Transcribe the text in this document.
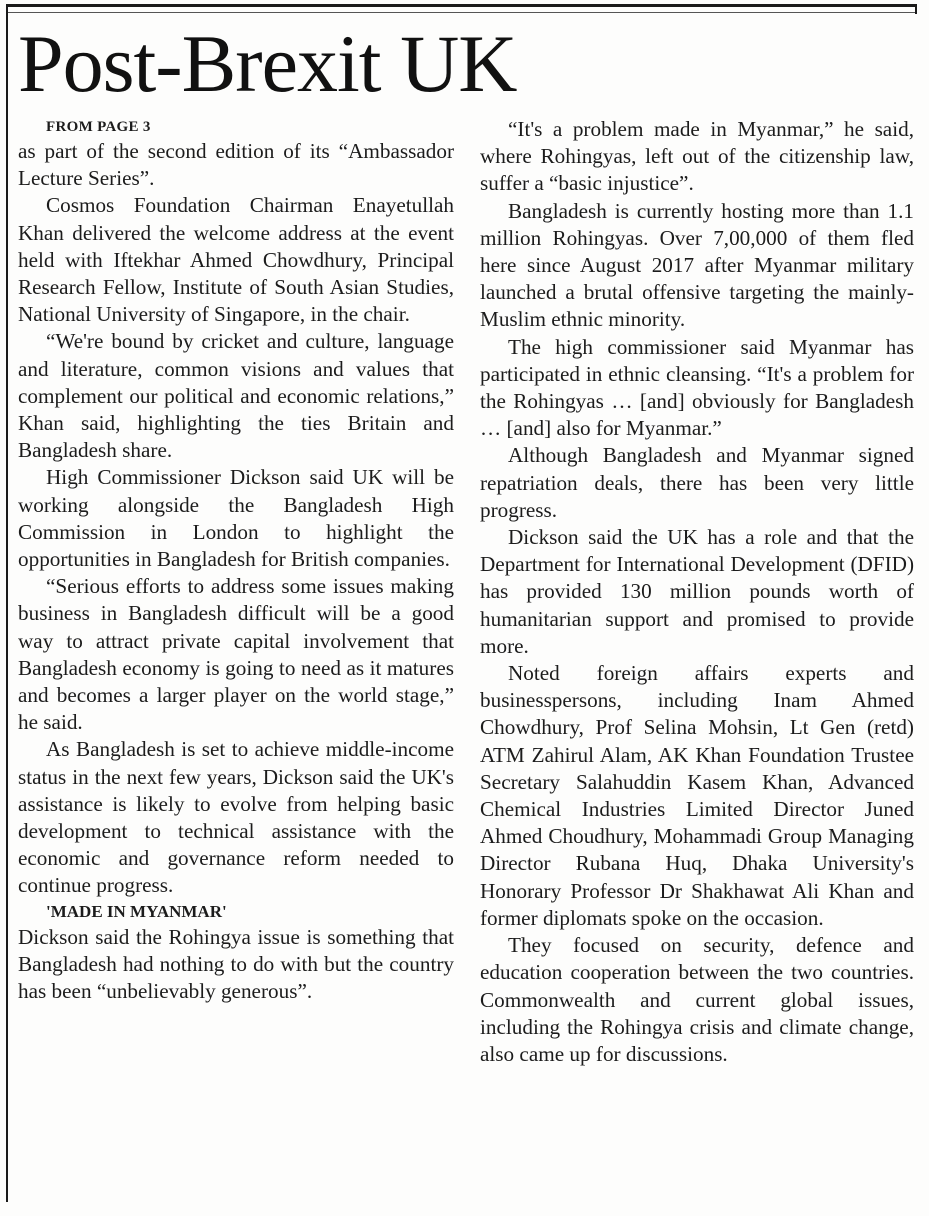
Post-Brexit UK

FROM PAGE 3

as part of the second edition of its “Ambassador Lecture Series”.

Cosmos Foundation Chairman Enayetullah Khan delivered the welcome address at the event held with Iftekhar Ahmed Chowdhury, Principal Research Fellow, Institute of South Asian Studies, National University of Singapore, in the chair.

“We're bound by cricket and culture, language and literature, common visions and values that complement our political and economic relations,” Khan said, highlighting the ties Britain and Bangladesh share.

High Commissioner Dickson said UK will be working alongside the Bangladesh High Commission in London to highlight the opportunities in Bangladesh for British companies.

“Serious efforts to address some issues making business in Bangladesh difficult will be a good way to attract private capital involvement that Bangladesh economy is going to need as it matures and becomes a larger player on the world stage,” he said.

As Bangladesh is set to achieve middle-income status in the next few years, Dickson said the UK's assistance is likely to evolve from helping basic development to technical assistance with the economic and governance reform needed to continue progress.

'MADE IN MYANMAR'

Dickson said the Rohingya issue is something that Bangladesh had nothing to do with but the country has been “unbelievably generous”.

“It's a problem made in Myanmar,” he said, where Rohingyas, left out of the citizenship law, suffer a “basic injustice”.

Bangladesh is currently hosting more than 1.1 million Rohingyas. Over 7,00,000 of them fled here since August 2017 after Myanmar military launched a brutal offensive targeting the mainly-Muslim ethnic minority.

The high commissioner said Myanmar has participated in ethnic cleansing. “It's a problem for the Rohingyas … [and] obviously for Bangladesh … [and] also for Myanmar.”

Although Bangladesh and Myanmar signed repatriation deals, there has been very little progress.

Dickson said the UK has a role and that the Department for International Development (DFID) has provided 130 million pounds worth of humanitarian support and promised to provide more.

Noted foreign affairs experts and businesspersons, including Inam Ahmed Chowdhury, Prof Selina Mohsin, Lt Gen (retd) ATM Zahirul Alam, AK Khan Foundation Trustee Secretary Salahuddin Kasem Khan, Advanced Chemical Industries Limited Director Juned Ahmed Choudhury, Mohammadi Group Managing Director Rubana Huq, Dhaka University's Honorary Professor Dr Shakhawat Ali Khan and former diplomats spoke on the occasion.

They focused on security, defence and education cooperation between the two countries. Commonwealth and current global issues, including the Rohingya crisis and climate change, also came up for discussions.
